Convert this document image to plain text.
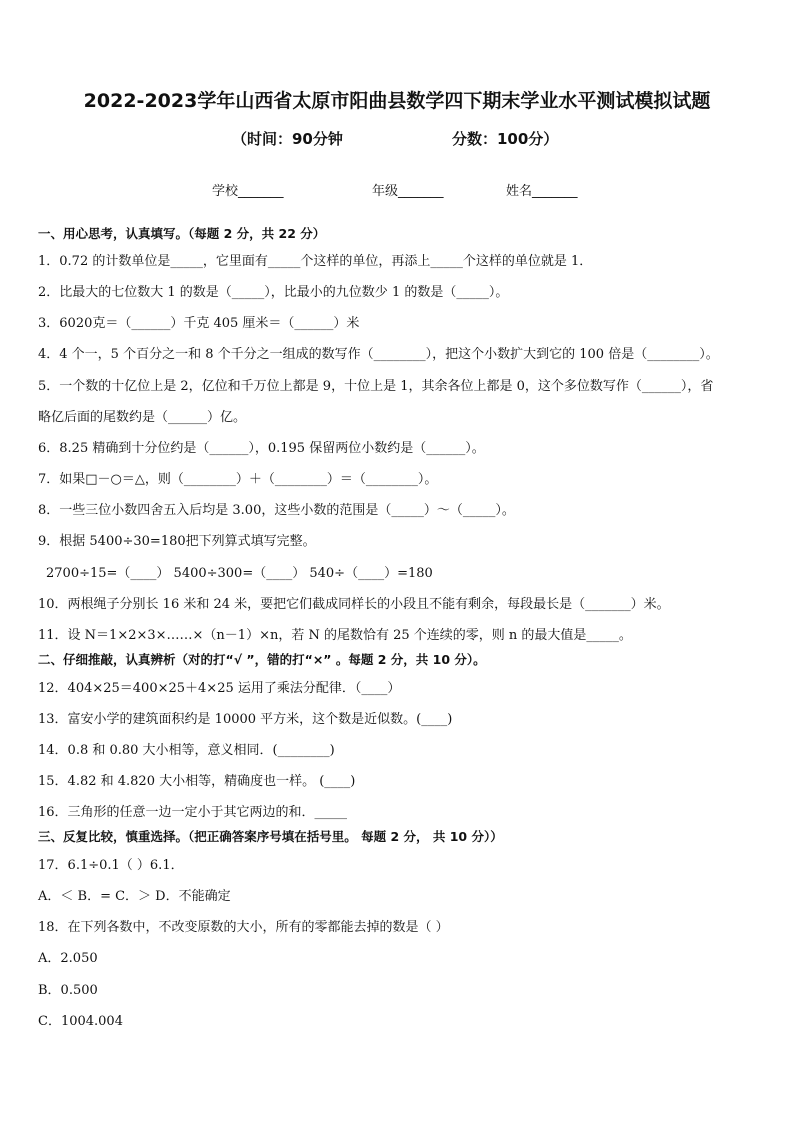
2022-2023学年山西省太原市阳曲县数学四下期末学业水平测试模拟试题
（时间：90分钟	分数：100分）
学校_______	年级_______	姓名_______
一、用心思考，认真填写。（每题 2 分，共 22 分）
1．0.72 的计数单位是_____，它里面有_____个这样的单位，再添上_____个这样的单位就是 1．
2．比最大的七位数大 1 的数是（_____），比最小的九位数少 1 的数是（_____）。
3．6020克＝（______）千克 405 厘米＝（______）米
4．4 个一，5 个百分之一和 8 个千分之一组成的数写作（________），把这个小数扩大到它的 100 倍是（________）。
5．一个数的十亿位上是 2，亿位和千万位上都是 9，十位上是 1，其余各位上都是 0，这个多位数写作（______），省
略亿后面的尾数约是（______）亿。
6．8.25 精确到十分位约是（______），0.195 保留两位小数约是（______）。
7．如果□－○＝△，则（________）＋（________）＝（________）。
8．一些三位小数四舍五入后均是 3.00，这些小数的范围是（_____）～（_____）。
9．根据 5400÷30=180把下列算式填写完整。
2700÷15=（____） 5400÷300=（____） 540÷（____）=180
10．两根绳子分别长 16 米和 24 米，要把它们截成同样长的小段且不能有剩余，每段最长是（_______）米。
11．设 N＝1×2×3×……×（n－1）×n，若 N 的尾数恰有 25 个连续的零，则 n 的最大值是_____。
二、仔细推敲，认真辨析（对的打“√ ”，错的打“×” 。每题 2 分，共 10 分）。
12．404×25＝400×25＋4×25 运用了乘法分配律．（____）
13．富安小学的建筑面积约是 10000 平方米，这个数是近似数。(____)
14．0.8 和 0.80 大小相等，意义相同．(________)
15．4.82 和 4.820 大小相等，精确度也一样。 (____)
16．三角形的任意一边一定小于其它两边的和．_____
三、反复比较，慎重选择。（把正确答案序号填在括号里。 每题 2 分， 共 10 分））
17．6.1÷0.1（ ）6.1．
A．＜ B．= C．＞ D．不能确定
18．在下列各数中，不改变原数的大小，所有的零都能去掉的数是（ ）
A．2.050
B．0.500
C．1004.004
